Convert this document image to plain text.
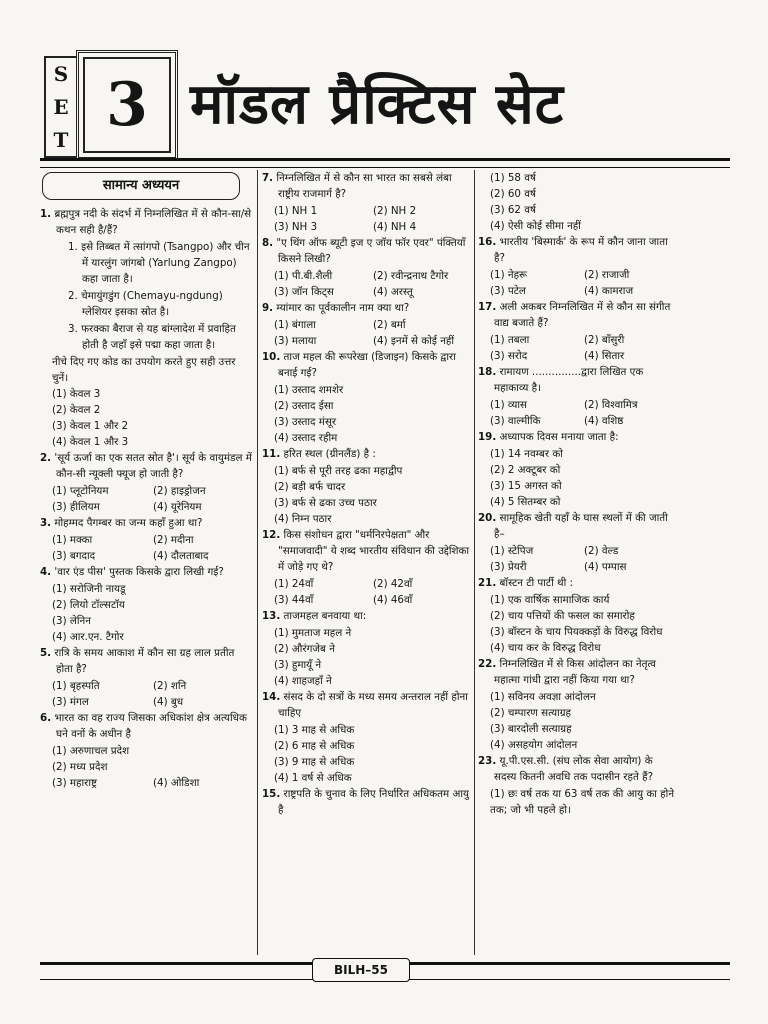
S
E
T 3 मॉडल प्रैक्टिस सेट
सामान्य अध्ययन
1. ब्रह्मपुत्र नदी के संदर्भ में निम्नलिखित में से कौन-सा/से कथन सही है/हैं?
1. इसे तिब्बत में त्सांगपो (Tsangpo) और चीन में यारलुंग जांगबो (Yarlung Zangpo) कहा जाता है।
2. चेमायुंगडुंग (Chemayu-ngdung) ग्लेशियर इसका स्रोत है।
3. फरक्का बैराज से यह बांग्लादेश में प्रवाहित होती है जहाँ इसे पद्मा कहा जाता है।
नीचे दिए गए कोड का उपयोग करते हुए सही उत्तर चुनें।
(1) केवल 3
(2) केवल 2
(3) केवल 1 और 2
(4) केवल 1 और 3
2. 'सूर्य ऊर्जा का एक सतत स्रोत है'। सूर्य के वायुमंडल में कौन-सी न्यूक्ली फ्यूज हो जाती है?
(1) प्लूटोनियम	(2) हाइड्रोजन
(3) हीलियम	(4) यूरेनियम
3. मोहम्मद पैगम्बर का जन्म कहाँ हुआ था?
(1) मक्का	(2) मदीना
(3) बगदाद	(4) दौलताबाद
4. 'वार एंड पीस' पुस्तक किसके द्वारा लिखी गई?
(1) सरोजिनी नायडू
(2) लियो टॉल्सटॉय
(3) लेनिन
(4) आर.एन. टैगोर
5. रात्रि के समय आकाश में कौन सा ग्रह लाल प्रतीत होता है?
(1) बृहस्पति	(2) शनि
(3) मंगल	(4) बुध
6. भारत का वह राज्य जिसका अधिकांश क्षेत्र अत्यधिक घने वनों के अधीन है
(1) अरुणाचल प्रदेश
(2) मध्य प्रदेश
(3) महाराष्ट्र	(4) ओडिशा
7. निम्नलिखित में से कौन सा भारत का सबसे लंबा राष्ट्रीय राजमार्ग है?
(1) NH 1	(2) NH 2
(3) NH 3	(4) NH 4
8. "ए थिंग ऑफ ब्यूटी इज ए जॉय फॉर एवर" पंक्तियाँ किसने लिखी?
(1) पी.बी.शैली	(2) रवीन्द्रनाथ टैगोर
(3) जॉन किट्स	(4) अरस्तू
9. म्यांमार का पूर्वकालीन नाम क्या था?
(1) बंगाला	(2) बर्मा
(3) मलाया	(4) इनमें से कोई नहीं
10. ताज महल की रूपरेखा (डिजाइन) किसके द्वारा बनाई गई?
(1) उस्ताद शमशेर
(2) उस्ताद ईसा
(3) उस्ताद मंसूर
(4) उस्ताद रहीम
11. हरित स्थल (ग्रीनलैंड) है :
(1) बर्फ से पूरी तरह ढका महाद्वीप
(2) बड़ी बर्फ चादर
(3) बर्फ से ढका उच्च पठार
(4) निम्न पठार
12. किस संशोधन द्वारा "धर्मनिरपेक्षता" और "समाजवादी" ये शब्द भारतीय संविधान की उद्देशिका में जोड़े गए थे?
(1) 24वाँ	(2) 42वाँ
(3) 44वाँ	(4) 46वाँ
13. ताजमहल बनवाया था:
(1) मुमताज महल ने
(2) औरंगजेब ने
(3) हुमायूँ ने
(4) शाहजहाँ ने
14. संसद के दो सत्रों के मध्य समय अन्तराल नहीं होना चाहिए
(1) 3 माह से अधिक
(2) 6 माह से अधिक
(3) 9 माह से अधिक
(4) 1 वर्ष से अधिक
15. राष्ट्रपति के चुनाव के लिए निर्धारित अधिकतम आयु है
(1) 58 वर्ष
(2) 60 वर्ष
(3) 62 वर्ष
(4) ऐसी कोई सीमा नहीं
16. भारतीय 'बिस्मार्क' के रूप में कौन जाना जाता है?
(1) नेहरू	(2) राजाजी
(3) पटेल	(4) कामराज
17. अली अकबर निम्नलिखित में से कौन सा संगीत वाद्य बजाते हैं?
(1) तबला	(2) बाँसुरी
(3) सरोद	(4) सितार
18. रामायण ...............द्वारा लिखित एक महाकाव्य है।
(1) व्यास	(2) विश्वामित्र
(3) वाल्मीकि	(4) वशिष्ठ
19. अध्यापक दिवस मनाया जाता है:
(1) 14 नवम्बर को
(2) 2 अक्टूबर को
(3) 15 अगस्त को
(4) 5 सितम्बर को
20. सामूहिक खेती यहाँ के घास स्थलों में की जाती है–
(1) स्टेपिज	(2) वेल्ड
(3) प्रेयरी	(4) पम्पास
21. बॉस्टन टी पार्टी थी :
(1) एक वार्षिक सामाजिक कार्य
(2) चाय पत्तियों की फसल का समारोह
(3) बॉस्टन के चाय पियक्कड़ों के विरुद्ध विरोध
(4) चाय कर के विरुद्ध विरोध
22. निम्नलिखित में से किस आंदोलन का नेतृत्व महात्मा गांधी द्वारा नहीं किया गया था?
(1) सविनय अवज्ञा आंदोलन
(2) चम्पारण सत्याग्रह
(3) बारदोली सत्याग्रह
(4) असहयोग आंदोलन
23. यू.पी.एस.सी. (संघ लोक सेवा आयोग) के सदस्य कितनी अवधि तक पदासीन रहते हैं?
(1) छः वर्ष तक या 63 वर्ष तक की आयु का होने तक; जो भी पहले हो।
BILH–55
